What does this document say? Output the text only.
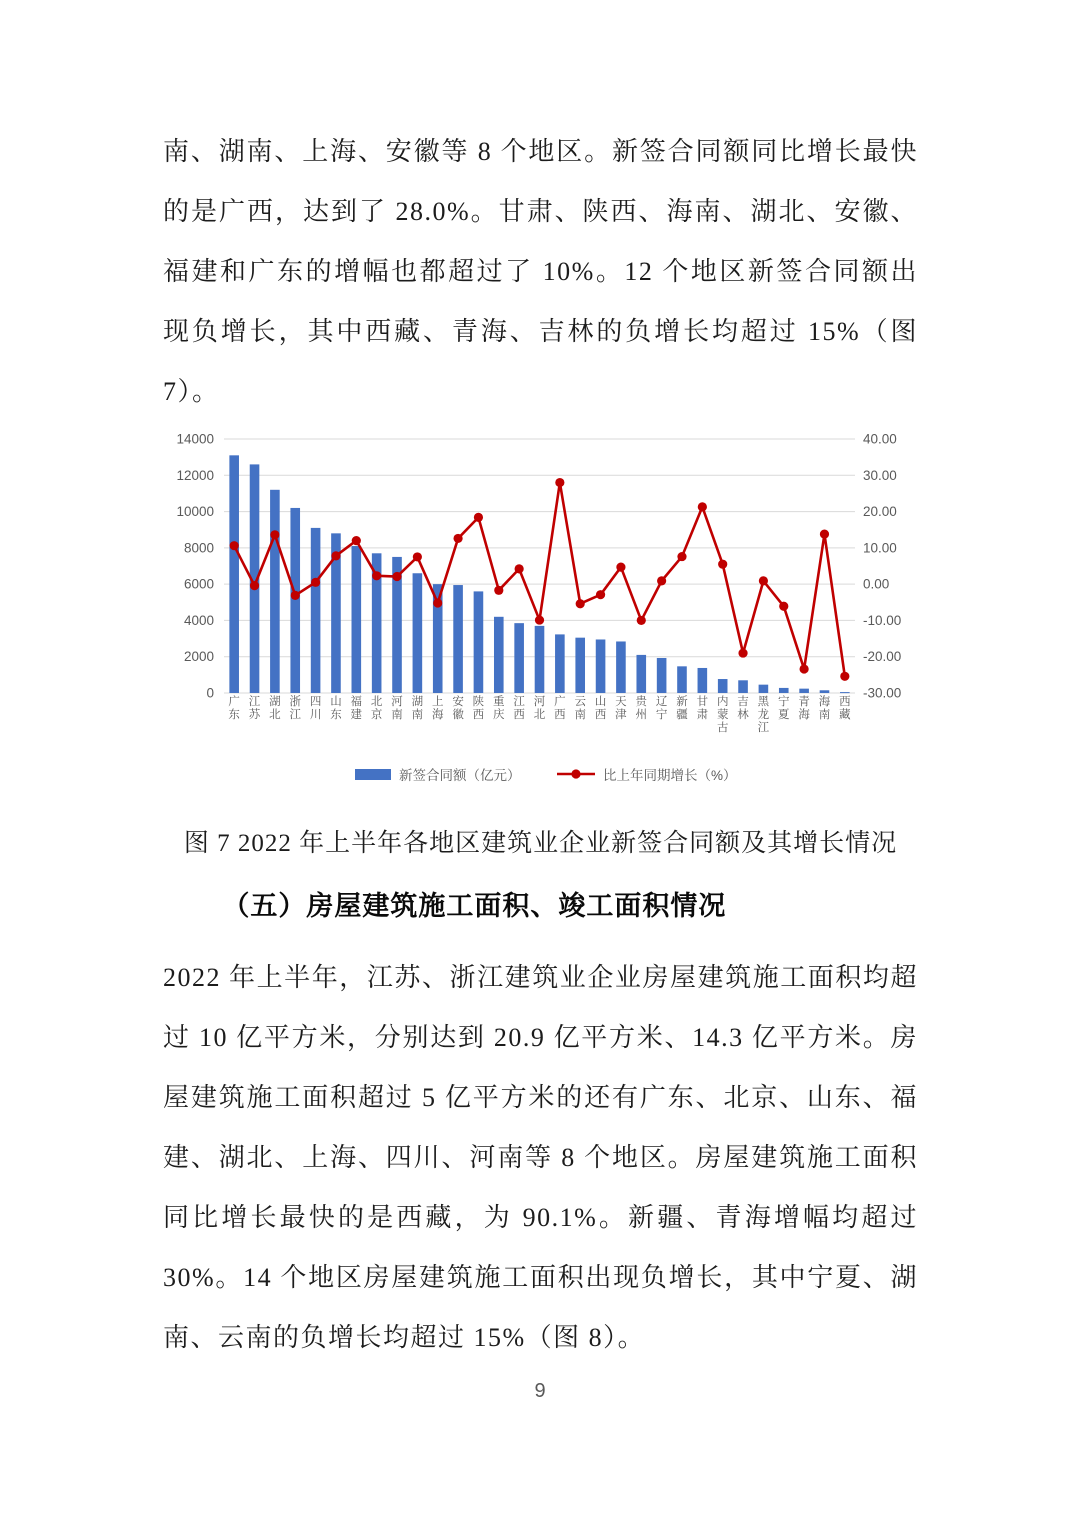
南、湖南、上海、安徽等 8 个地区。新签合同额同比增长最快的是广西，达到了 28.0%。甘肃、陕西、海南、湖北、安徽、福建和广东的增幅也都超过了 10%。12 个地区新签合同额出现负增长，其中西藏、青海、吉林的负增长均超过 15%（图 7）。

0
2000
4000
6000
8000
10000
12000
14000
-30.00
-20.00
-10.00
0.00
10.00
20.00
30.00
40.00
广东
江苏
湖北
浙江
四川
山东
福建
北京
河南
湖南
上海
安徽
陕西
重庆
江西
河北
广西
云南
山西
天津
贵州
辽宁
新疆
甘肃
内蒙古
吉林
黑龙江
宁夏
青海
海南
西藏
新签合同额（亿元）	比上年同期增长（%）
图 7 2022 年上半年各地区建筑业企业新签合同额及其增长情况
（五）房屋建筑施工面积、竣工面积情况

2022 年上半年，江苏、浙江建筑业企业房屋建筑施工面积均超过 10 亿平方米，分别达到 20.9 亿平方米、14.3 亿平方米。房屋建筑施工面积超过 5 亿平方米的还有广东、北京、山东、福建、湖北、上海、四川、河南等 8 个地区。房屋建筑施工面积同比增长最快的是西藏，为 90.1%。新疆、青海增幅均超过 30%。14 个地区房屋建筑施工面积出现负增长，其中宁夏、湖南、云南的负增长均超过 15%（图 8）。

9
